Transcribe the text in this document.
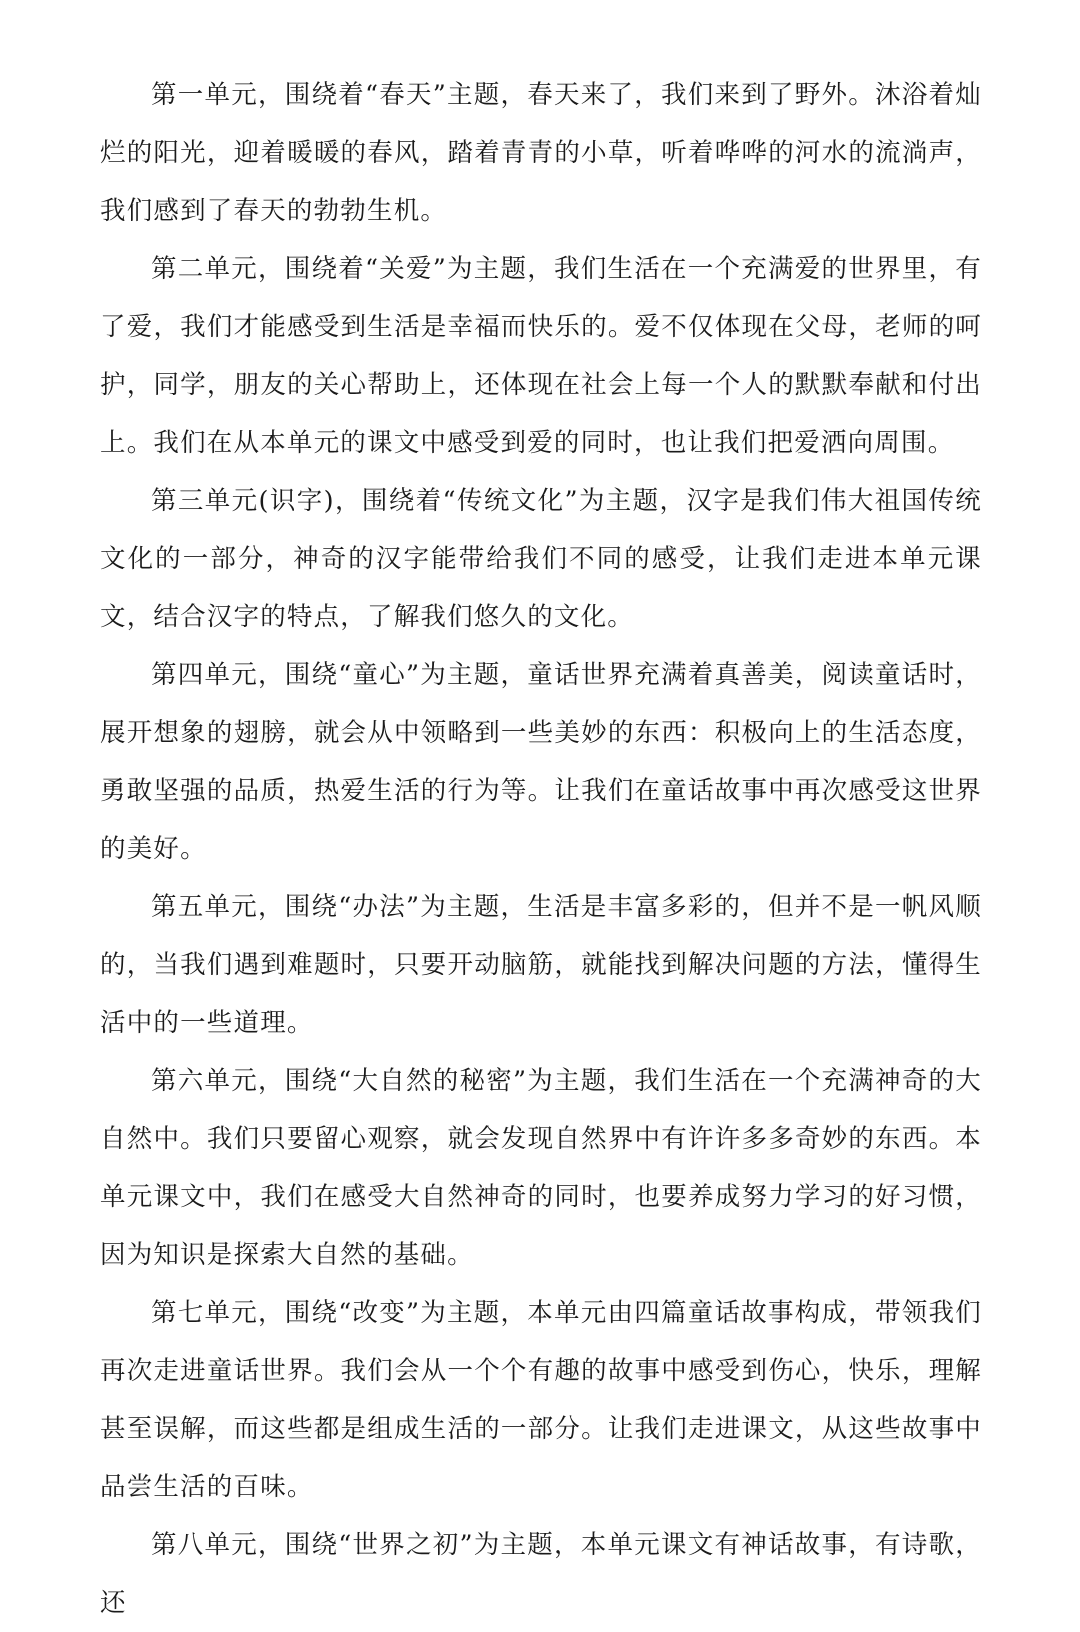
第一单元，围绕着“春天”主题，春天来了，我们来到了野外。沐浴着灿烂的阳光，迎着暖暖的春风，踏着青青的小草，听着哗哗的河水的流淌声，我们感到了春天的勃勃生机。

第二单元，围绕着“关爱”为主题，我们生活在一个充满爱的世界里，有了爱，我们才能感受到生活是幸福而快乐的。爱不仅体现在父母，老师的呵护，同学，朋友的关心帮助上，还体现在社会上每一个人的默默奉献和付出上。我们在从本单元的课文中感受到爱的同时，也让我们把爱洒向周围。

第三单元(识字)，围绕着“传统文化”为主题，汉字是我们伟大祖国传统文化的一部分，神奇的汉字能带给我们不同的感受，让我们走进本单元课文，结合汉字的特点，了解我们悠久的文化。

第四单元，围绕“童心”为主题，童话世界充满着真善美，阅读童话时，展开想象的翅膀，就会从中领略到一些美妙的东西：积极向上的生活态度，勇敢坚强的品质，热爱生活的行为等。让我们在童话故事中再次感受这世界的美好。

第五单元，围绕“办法”为主题，生活是丰富多彩的，但并不是一帆风顺的，当我们遇到难题时，只要开动脑筋，就能找到解决问题的方法，懂得生活中的一些道理。

第六单元，围绕“大自然的秘密”为主题，我们生活在一个充满神奇的大自然中。我们只要留心观察，就会发现自然界中有许许多多奇妙的东西。本单元课文中，我们在感受大自然神奇的同时，也要养成努力学习的好习惯，因为知识是探索大自然的基础。

第七单元，围绕“改变”为主题，本单元由四篇童话故事构成，带领我们再次走进童话世界。我们会从一个个有趣的故事中感受到伤心，快乐，理解甚至误解，而这些都是组成生活的一部分。让我们走进课文，从这些故事中品尝生活的百味。

第八单元，围绕“世界之初”为主题，本单元课文有神话故事，有诗歌，还
